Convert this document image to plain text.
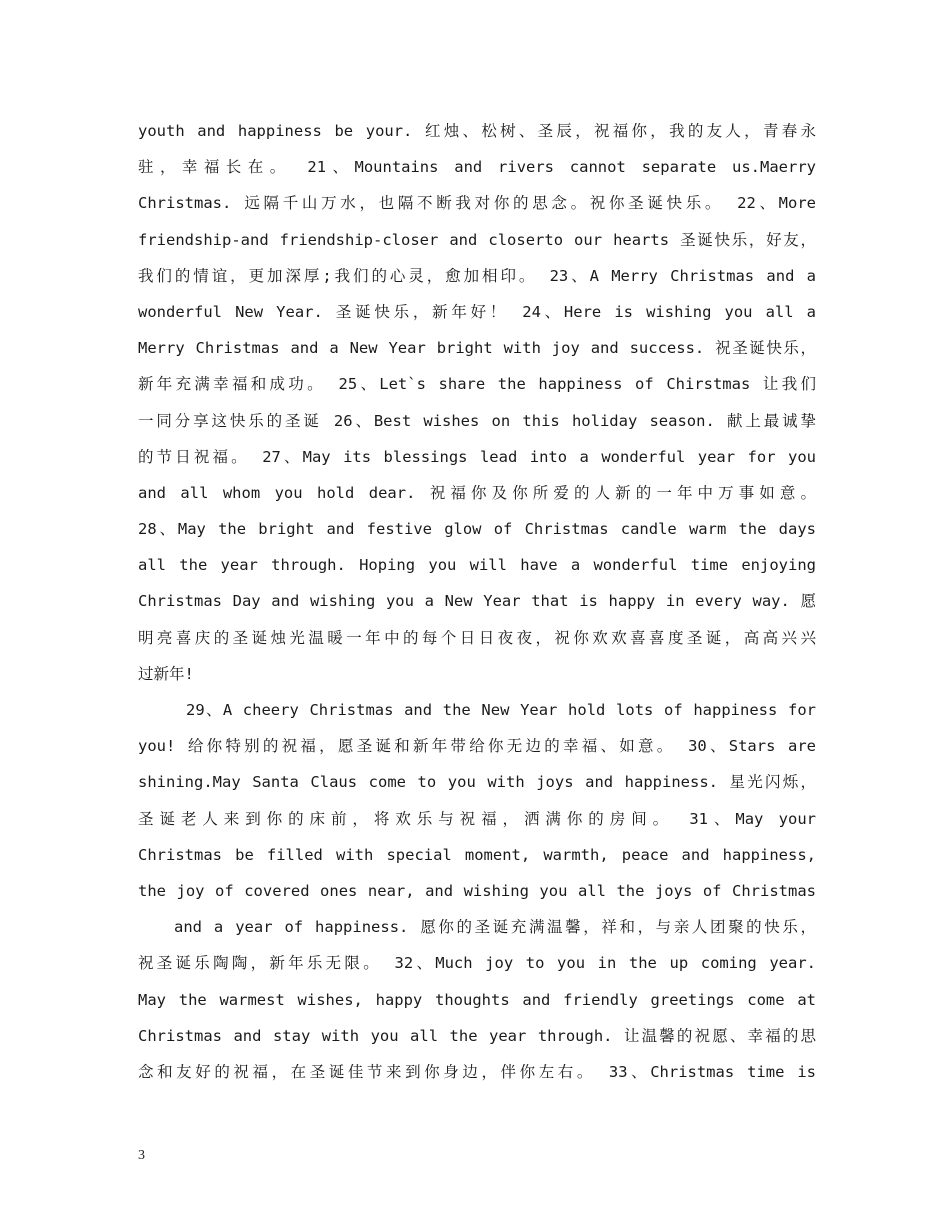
youth and happiness be your. 红烛、松树、圣辰，祝福你，我的友人，青春永
驻，幸福长在。 21、Mountains and rivers cannot separate us.Maerry
Christmas. 远隔千山万水，也隔不断我对你的思念。祝你圣诞快乐。 22、More
friendship-and friendship-closer and closerto our hearts 圣诞快乐，好友，
我们的情谊，更加深厚;我们的心灵，愈加相印。 23、A Merry Christmas and a
wonderful New Year. 圣诞快乐，新年好！ 24、Here is wishing you all a
Merry Christmas and a New Year bright with joy and success. 祝圣诞快乐，
新年充满幸福和成功。 25、Let`s share the happiness of Chirstmas 让我们
一同分享这快乐的圣诞 26、Best wishes on this holiday season. 献上最诚挚
的节日祝福。 27、May its blessings lead into a wonderful year for you
and all whom you hold dear. 祝福你及你所爱的人新的一年中万事如意。
28、May the bright and festive glow of Christmas candle warm the days
all the year through. Hoping you will have a wonderful time enjoying
Christmas Day and wishing you a New Year that is happy in every way. 愿
明亮喜庆的圣诞烛光温暖一年中的每个日日夜夜，祝你欢欢喜喜度圣诞，高高兴兴
过新年!
29、A cheery Christmas and the New Year hold lots of happiness for
you! 给你特别的祝福，愿圣诞和新年带给你无边的幸福、如意。 30、Stars are
shining.May Santa Claus come to you with joys and happiness. 星光闪烁，
圣诞老人来到你的床前，将欢乐与祝福，洒满你的房间。 31、May your
Christmas be filled with special moment, warmth, peace and happiness,
the joy of covered ones near, and wishing you all the joys of Christmas
and a year of happiness. 愿你的圣诞充满温馨，祥和，与亲人团聚的快乐，
祝圣诞乐陶陶，新年乐无限。 32、Much joy to you in the up coming year.
May the warmest wishes, happy thoughts and friendly greetings come at
Christmas and stay with you all the year through. 让温馨的祝愿、幸福的思
念和友好的祝福，在圣诞佳节来到你身边，伴你左右。 33、Christmas time is
3
